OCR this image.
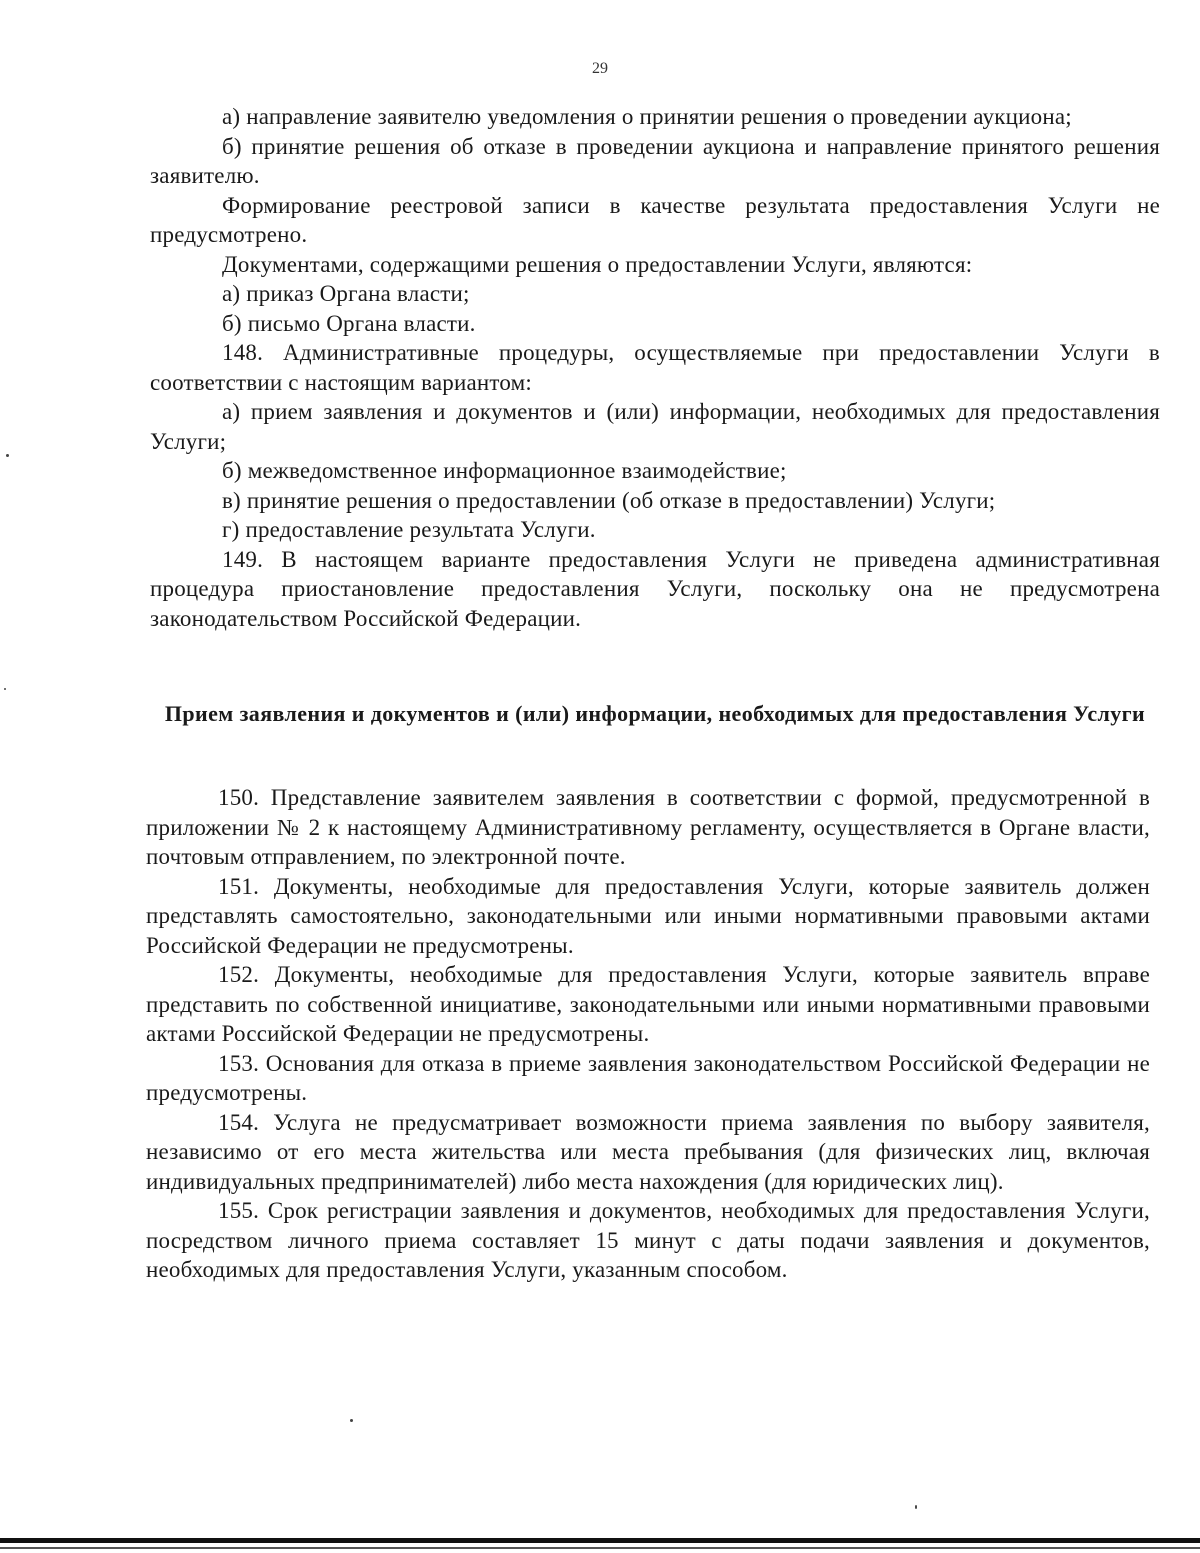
29

а) направление заявителю уведомления о принятии решения о проведении аукциона;

б) принятие решения об отказе в проведении аукциона и направление принятого решения заявителю.

Формирование реестровой записи в качестве результата предоставления Услуги не предусмотрено.

Документами, содержащими решения о предоставлении Услуги, являются:

а) приказ Органа власти;

б) письмо Органа власти.

148. Административные процедуры, осуществляемые при предоставлении Услуги в соответствии с настоящим вариантом:

а) прием заявления и документов и (или) информации, необходимых для предоставления Услуги;

б) межведомственное информационное взаимодействие;

в) принятие решения о предоставлении (об отказе в предоставлении) Услуги;

г) предоставление результата Услуги.

149. В настоящем варианте предоставления Услуги не приведена административная процедура приостановление предоставления Услуги, поскольку она не предусмотрена законодательством Российской Федерации.

Прием заявления и документов и (или) информации, необходимых для предоставления Услуги

150. Представление заявителем заявления в соответствии с формой, предусмотренной в приложении № 2 к настоящему Административному регламенту, осуществляется в Органе власти, почтовым отправлением, по электронной почте.

151. Документы, необходимые для предоставления Услуги, которые заявитель должен представлять самостоятельно, законодательными или иными нормативными правовыми актами Российской Федерации не предусмотрены.

152. Документы, необходимые для предоставления Услуги, которые заявитель вправе представить по собственной инициативе, законодательными или иными нормативными правовыми актами Российской Федерации не предусмотрены.

153. Основания для отказа в приеме заявления законодательством Российской Федерации не предусмотрены.

154. Услуга не предусматривает возможности приема заявления по выбору заявителя, независимо от его места жительства или места пребывания (для физических лиц, включая индивидуальных предпринимателей) либо места нахождения (для юридических лиц).

155. Срок регистрации заявления и документов, необходимых для предоставления Услуги, посредством личного приема составляет 15 минут с даты подачи заявления и документов, необходимых для предоставления Услуги, указанным способом.
